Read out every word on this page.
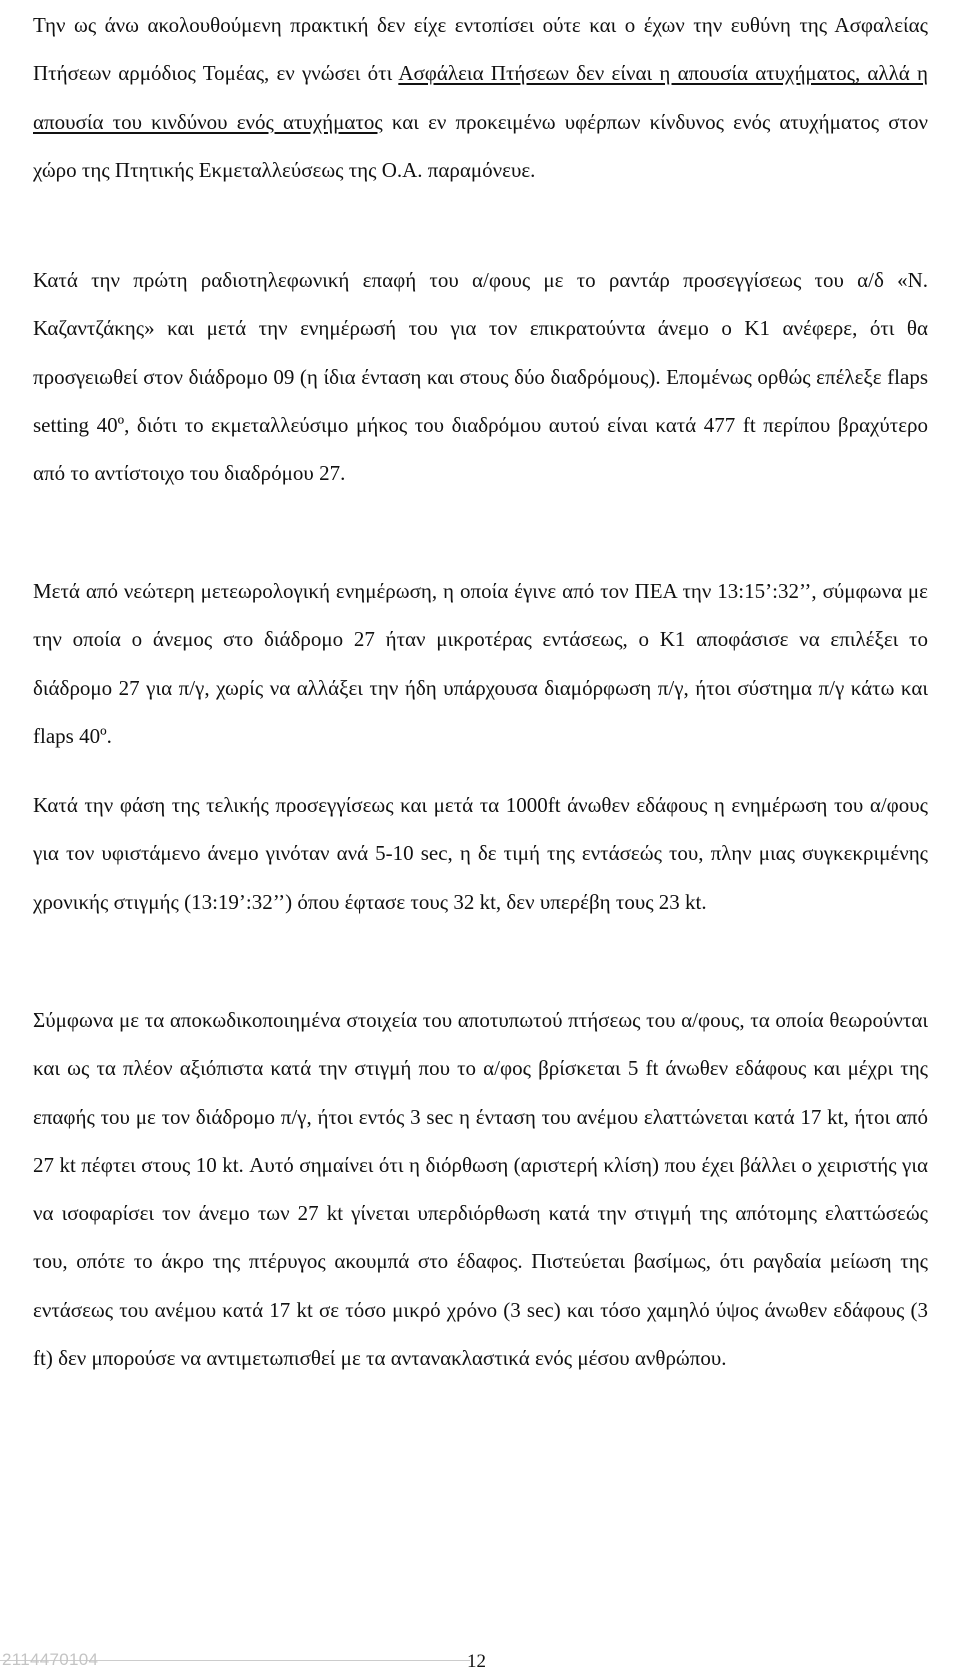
Την ως άνω ακολουθούμενη πρακτική δεν είχε εντοπίσει ούτε και ο έχων την ευθύνη της Ασφαλείας Πτήσεων αρμόδιος Τομέας, εν γνώσει ότι Ασφάλεια Πτήσεων δεν είναι η απουσία ατυχήματος, αλλά η απουσία του κινδύνου ενός ατυχήματος και εν προκειμένω υφέρπων κίνδυνος ενός ατυχήματος στον χώρο της Πτητικής Εκμεταλλεύσεως της Ο.Α. παραμόνευε.

Κατά την πρώτη ραδιοτηλεφωνική επαφή του α/φους με το ραντάρ προσεγγίσεως του α/δ «Ν. Καζαντζάκης» και μετά την ενημέρωσή του για τον επικρατούντα άνεμο ο Κ1 ανέφερε, ότι θα προσγειωθεί στον διάδρομο 09 (η ίδια ένταση και στους δύο διαδρόμους). Επομένως ορθώς επέλεξε flaps setting 40º, διότι το εκμεταλλεύσιμο μήκος του διαδρόμου αυτού είναι κατά 477 ft περίπου βραχύτερο από το αντίστοιχο του διαδρόμου 27.

Μετά από νεώτερη μετεωρολογική ενημέρωση, η οποία έγινε από τον ΠΕΑ την 13:15’:32’’, σύμφωνα με την οποία ο άνεμος στο διάδρομο 27 ήταν μικροτέρας εντάσεως, ο Κ1 αποφάσισε να επιλέξει το διάδρομο 27 για π/γ, χωρίς να αλλάξει την ήδη υπάρχουσα διαμόρφωση π/γ, ήτοι σύστημα π/γ κάτω και flaps 40º.

Κατά την φάση της τελικής προσεγγίσεως και μετά τα 1000ft άνωθεν εδάφους η ενημέρωση του α/φους για τον υφιστάμενο άνεμο γινόταν ανά 5-10 sec, η δε τιμή της εντάσεώς του, πλην μιας συγκεκριμένης χρονικής στιγμής (13:19’:32’’) όπου έφτασε τους 32 kt, δεν υπερέβη τους 23 kt.

Σύμφωνα με τα αποκωδικοποιημένα στοιχεία του αποτυπωτού πτήσεως του α/φους, τα οποία θεωρούνται και ως τα πλέον αξιόπιστα κατά την στιγμή που το α/φος βρίσκεται 5 ft άνωθεν εδάφους και μέχρι της επαφής του με τον διάδρομο π/γ, ήτοι εντός 3 sec η ένταση του ανέμου ελαττώνεται κατά 17 kt, ήτοι από 27 kt πέφτει στους 10 kt. Αυτό σημαίνει ότι η διόρθωση (αριστερή κλίση) που έχει βάλλει ο χειριστής για να ισοφαρίσει τον άνεμο των 27 kt γίνεται υπερδιόρθωση κατά την στιγμή της απότομης ελαττώσεώς του, οπότε το άκρο της πτέρυγος ακουμπά στο έδαφος. Πιστεύεται βασίμως, ότι ραγδαία μείωση της εντάσεως του ανέμου κατά 17 kt σε τόσο μικρό χρόνο (3 sec) και τόσο χαμηλό ύψος άνωθεν εδάφους (3 ft) δεν μπορούσε να αντιμετωπισθεί με τα αντανακλαστικά ενός μέσου ανθρώπου.

2114470104	12
